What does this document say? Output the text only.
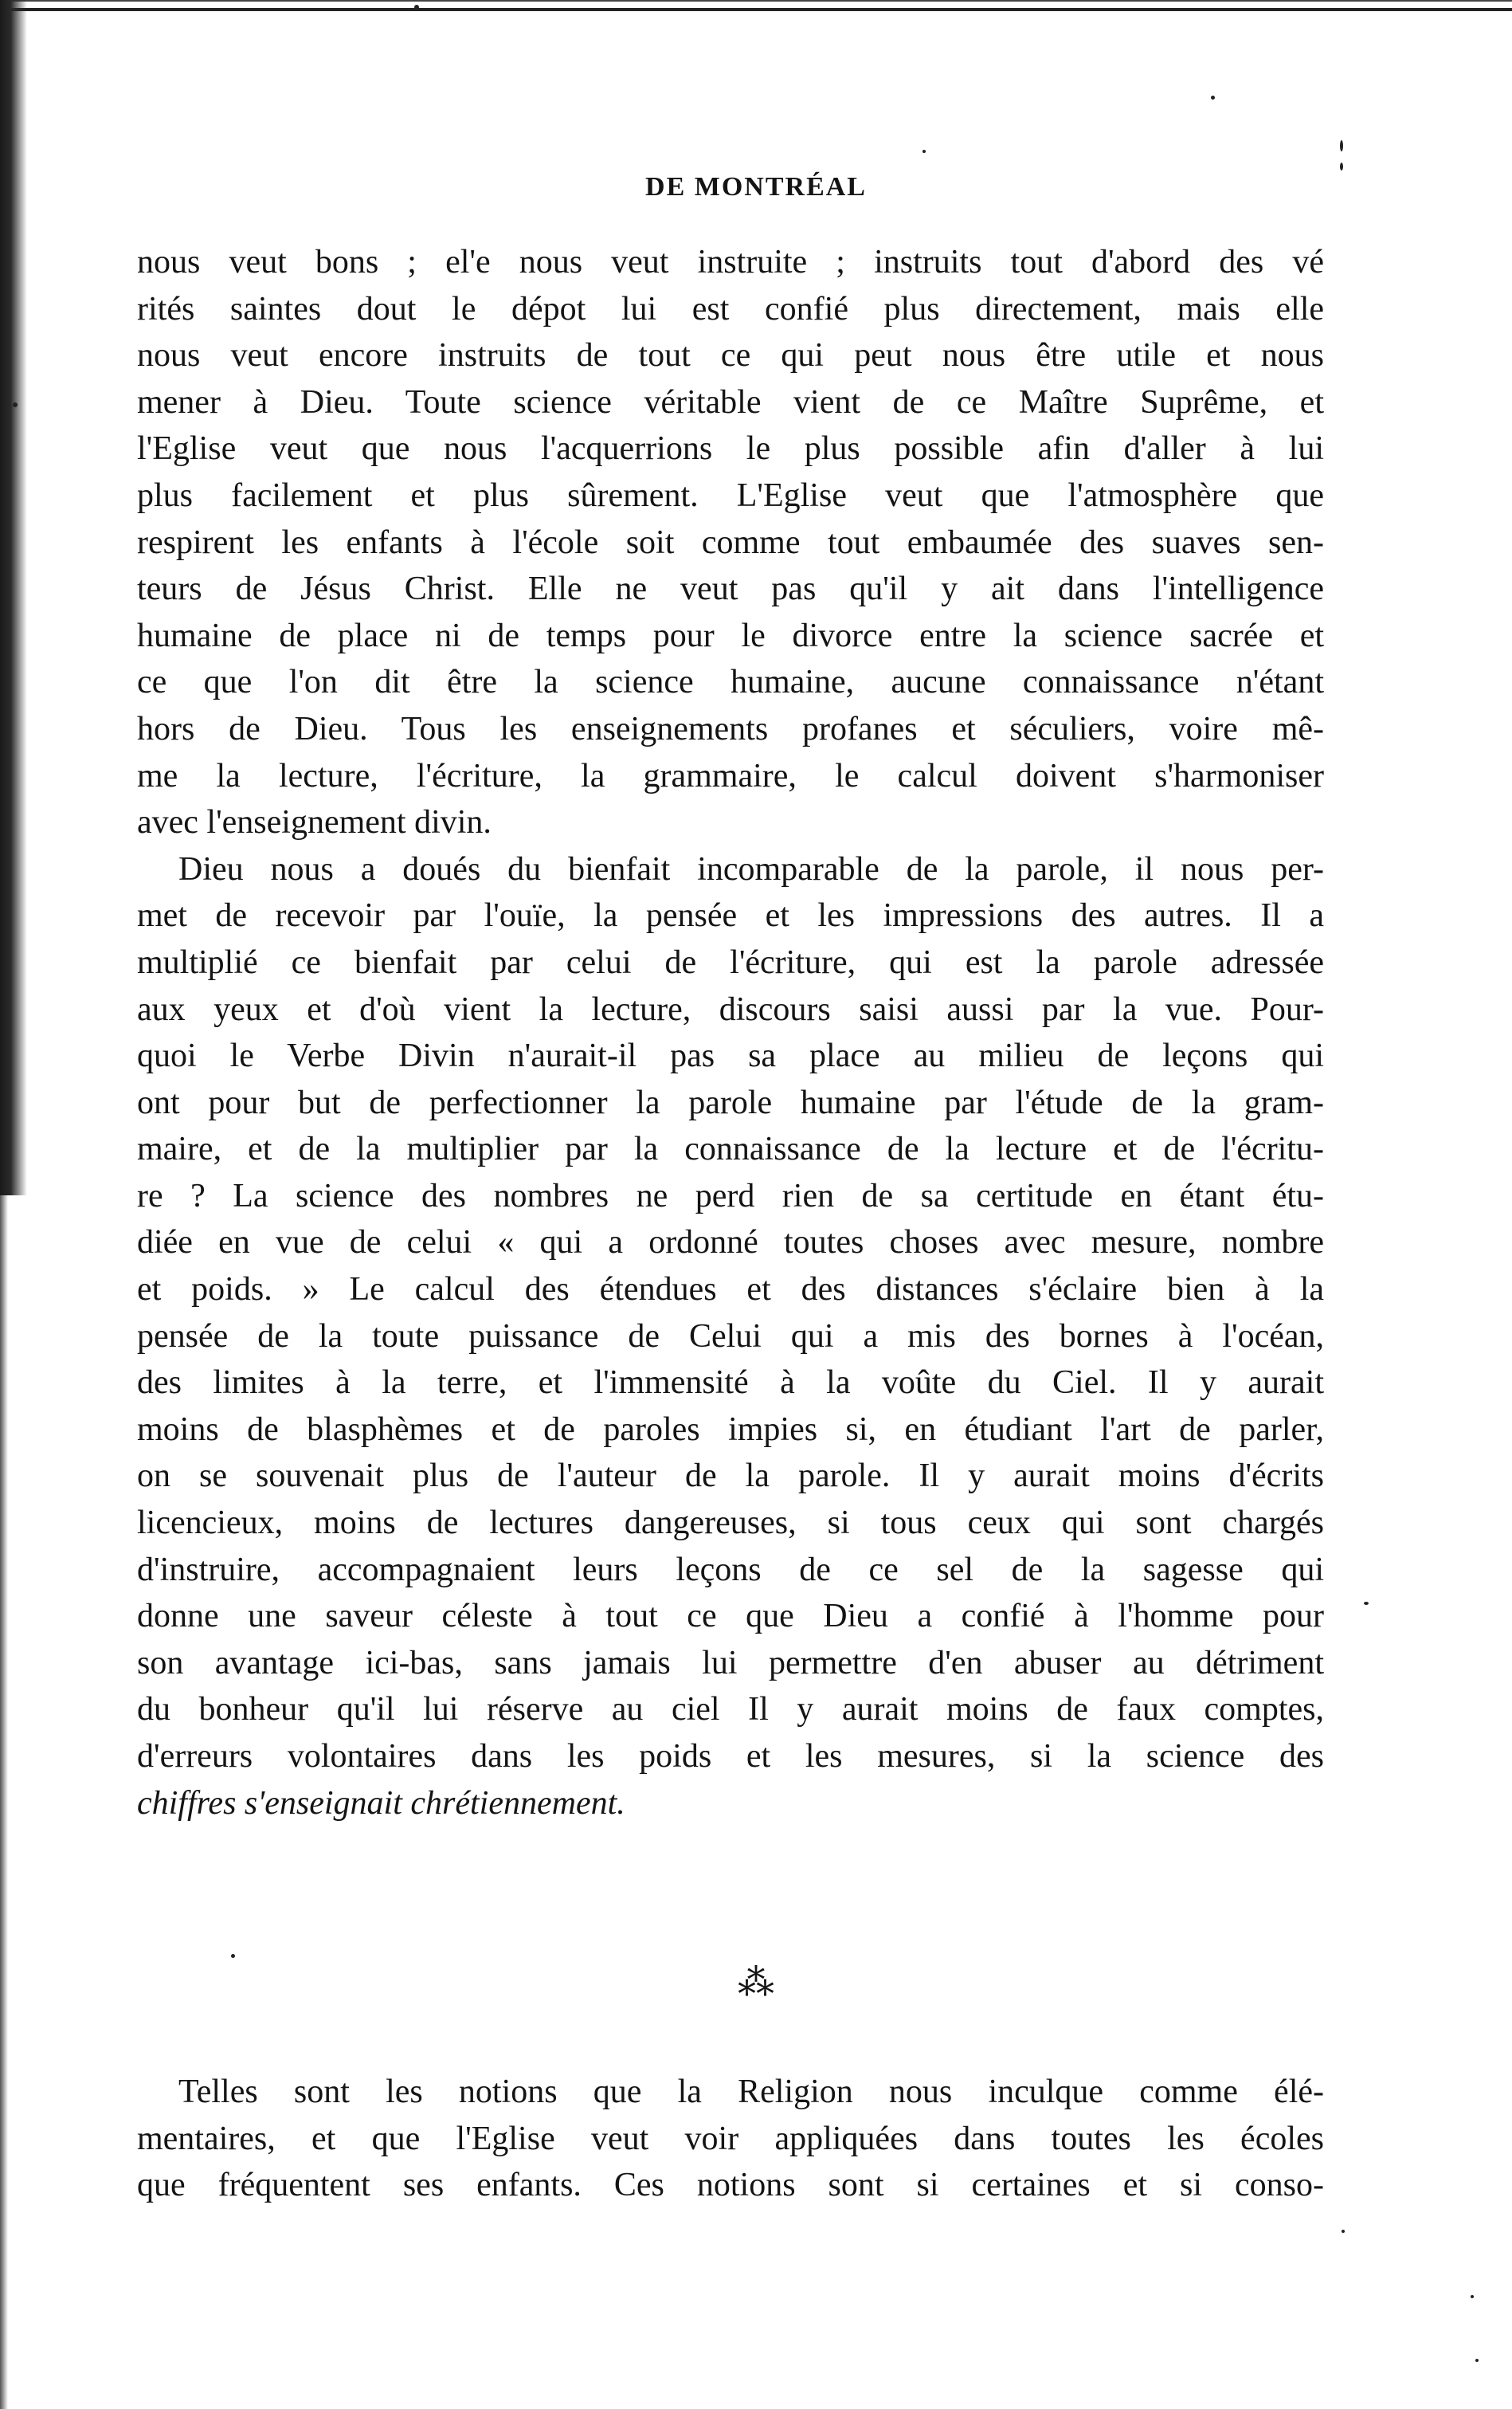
DE MONTRÉAL
nous veut bons ; el'e nous veut instruite ; instruits tout d'abord des vé
rités saintes dout le dépot lui est confié plus directement, mais elle
nous veut encore instruits de tout ce qui peut nous être utile et nous
mener à Dieu. Toute science véritable vient de ce Maître Suprême, et
l'Eglise veut que nous l'acquerrions le plus possible afin d'aller à lui
plus facilement et plus sûrement. L'Eglise veut que l'atmosphère que
respirent les enfants à l'école soit comme tout embaumée des suaves sen-
teurs de Jésus Christ. Elle ne veut pas qu'il y ait dans l'intelligence
humaine de place ni de temps pour le divorce entre la science sacrée et
ce que l'on dit être la science humaine, aucune connaissance n'étant
hors de Dieu. Tous les enseignements profanes et séculiers, voire mê-
me la lecture, l'écriture, la grammaire, le calcul doivent s'harmoniser
avec l'enseignement divin.
Dieu nous a doués du bienfait incomparable de la parole, il nous per-
met de recevoir par l'ouïe, la pensée et les impressions des autres. Il a
multiplié ce bienfait par celui de l'écriture, qui est la parole adressée
aux yeux et d'où vient la lecture, discours saisi aussi par la vue. Pour-
quoi le Verbe Divin n'aurait-il pas sa place au milieu de leçons qui
ont pour but de perfectionner la parole humaine par l'étude de la gram-
maire, et de la multiplier par la connaissance de la lecture et de l'écritu-
re ? La science des nombres ne perd rien de sa certitude en étant étu-
diée en vue de celui « qui a ordonné toutes choses avec mesure, nombre
et poids. » Le calcul des étendues et des distances s'éclaire bien à la
pensée de la toute puissance de Celui qui a mis des bornes à l'océan,
des limites à la terre, et l'immensité à la voûte du Ciel. Il y aurait
moins de blasphèmes et de paroles impies si, en étudiant l'art de parler,
on se souvenait plus de l'auteur de la parole. Il y aurait moins d'écrits
licencieux, moins de lectures dangereuses, si tous ceux qui sont chargés
d'instruire, accompagnaient leurs leçons de ce sel de la sagesse qui
donne une saveur céleste à tout ce que Dieu a confié à l'homme pour
son avantage ici-bas, sans jamais lui permettre d'en abuser au détriment
du bonheur qu'il lui réserve au ciel Il y aurait moins de faux comptes,
d'erreurs volontaires dans les poids et les mesures, si la science des
chiffres s'enseignait chrétiennement.
⁂
Telles sont les notions que la Religion nous inculque comme élé-
mentaires, et que l'Eglise veut voir appliquées dans toutes les écoles
que fréquentent ses enfants. Ces notions sont si certaines et si conso-
